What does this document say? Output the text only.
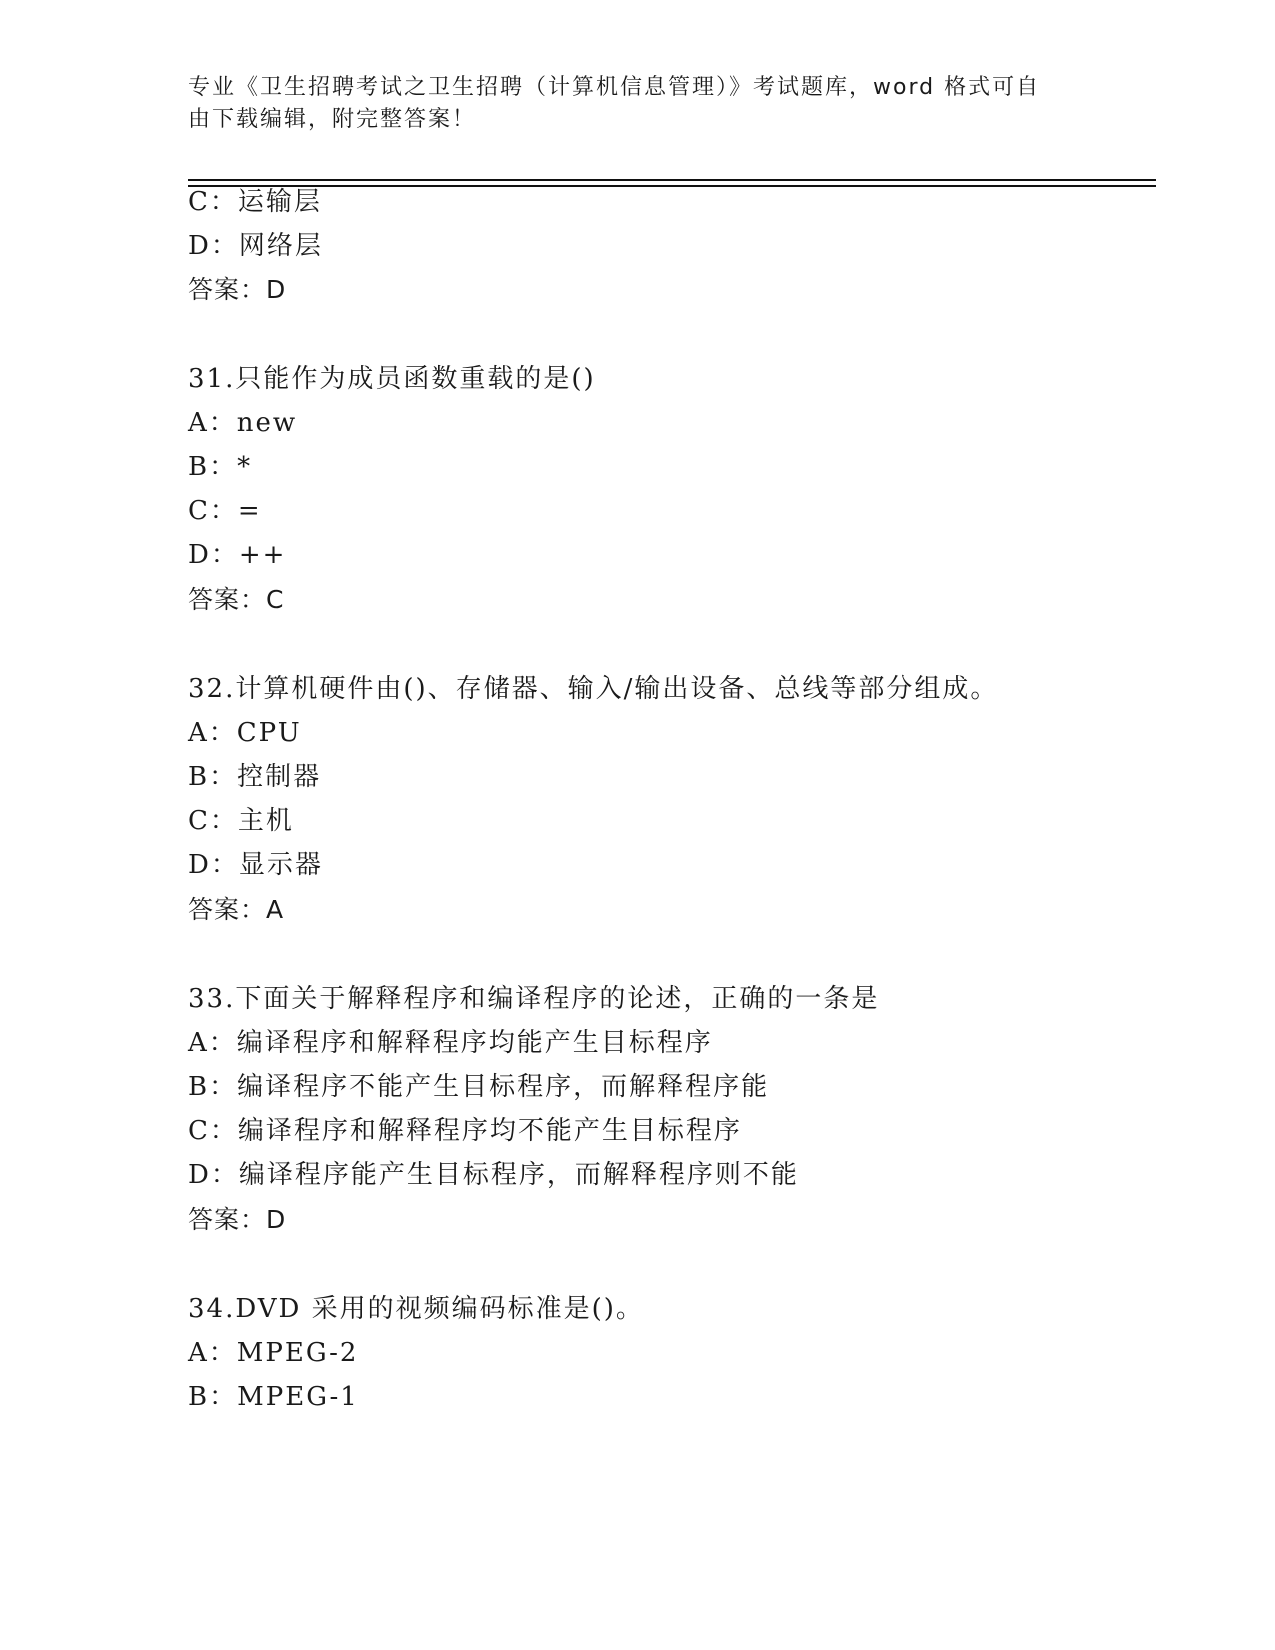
专业《卫生招聘考试之卫生招聘（计算机信息管理）》考试题库，word 格式可自
由下载编辑，附完整答案！
C：运输层
D：网络层
答案：D
31.只能作为成员函数重载的是()
A：new
B：*
C：=
D：++
答案：C
32.计算机硬件由()、存储器、输入/输出设备、总线等部分组成。
A：CPU
B：控制器
C：主机
D：显示器
答案：A
33.下面关于解释程序和编译程序的论述，正确的一条是
A：编译程序和解释程序均能产生目标程序
B：编译程序不能产生目标程序，而解释程序能
C：编译程序和解释程序均不能产生目标程序
D：编译程序能产生目标程序，而解释程序则不能
答案：D
34.DVD 采用的视频编码标准是()。
A：MPEG-2
B：MPEG-1
